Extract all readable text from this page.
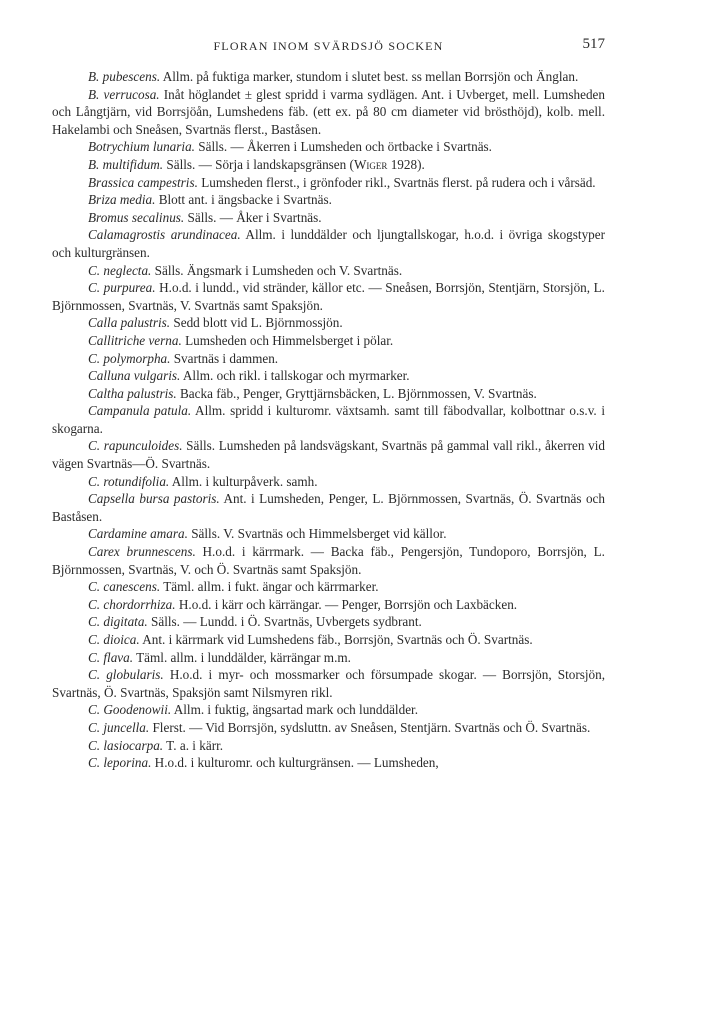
FLORAN INOM SVÄRDSJÖ SOCKEN	517

B. pubescens. Allm. på fuktiga marker, stundom i slutet best. ss mellan Borrsjön och Änglan.

B. verrucosa. Inåt höglandet ± glest spridd i varma sydlägen. Ant. i Uvberget, mell. Lumsheden och Långtjärn, vid Borrsjöån, Lumshedens fäb. (ett ex. på 80 cm diameter vid brösthöjd), kolb. mell. Hakelambi och Sneåsen, Svartnäs flerst., Baståsen.

Botrychium lunaria. Sälls. — Åkerren i Lumsheden och örtbacke i Svartnäs.

B. multifidum. Sälls. — Sörja i landskapsgränsen (Wiger 1928).

Brassica campestris. Lumsheden flerst., i grönfoder rikl., Svartnäs flerst. på rudera och i vårsäd.

Briza media. Blott ant. i ängsbacke i Svartnäs.

Bromus secalinus. Sälls. — Åker i Svartnäs.

Calamagrostis arundinacea. Allm. i lunddälder och ljungtallskogar, h.o.d. i övriga skogstyper och kulturgränsen.

C. neglecta. Sälls. Ängsmark i Lumsheden och V. Svartnäs.

C. purpurea. H.o.d. i lundd., vid stränder, källor etc. — Sneåsen, Borrsjön, Stentjärn, Storsjön, L. Björnmossen, Svartnäs, V. Svartnäs samt Spaksjön.

Calla palustris. Sedd blott vid L. Björnmossjön.

Callitriche verna. Lumsheden och Himmelsberget i pölar.

C. polymorpha. Svartnäs i dammen.

Calluna vulgaris. Allm. och rikl. i tallskogar och myrmarker.

Caltha palustris. Backa fäb., Penger, Gryttjärnsbäcken, L. Björnmossen, V. Svartnäs.

Campanula patula. Allm. spridd i kulturomr. växtsamh. samt till fäbodvallar, kolbottnar o.s.v. i skogarna.

C. rapunculoides. Sälls. Lumsheden på landsvägskant, Svartnäs på gammal vall rikl., åkerren vid vägen Svartnäs—Ö. Svartnäs.

C. rotundifolia. Allm. i kulturpåverk. samh.

Capsella bursa pastoris. Ant. i Lumsheden, Penger, L. Björnmossen, Svartnäs, Ö. Svartnäs och Baståsen.

Cardamine amara. Sälls. V. Svartnäs och Himmelsberget vid källor.

Carex brunnescens. H.o.d. i kärrmark. — Backa fäb., Pengersjön, Tundoporo, Borrsjön, L. Björnmossen, Svartnäs, V. och Ö. Svartnäs samt Spaksjön.

C. canescens. Täml. allm. i fukt. ängar och kärrmarker.

C. chordorrhiza. H.o.d. i kärr och kärrängar. — Penger, Borrsjön och Laxbäcken.

C. digitata. Sälls. — Lundd. i Ö. Svartnäs, Uvbergets sydbrant.

C. dioica. Ant. i kärrmark vid Lumshedens fäb., Borrsjön, Svartnäs och Ö. Svartnäs.

C. flava. Täml. allm. i lunddälder, kärrängar m.m.

C. globularis. H.o.d. i myr- och mossmarker och försumpade skogar. — Borrsjön, Storsjön, Svartnäs, Ö. Svartnäs, Spaksjön samt Nilsmyren rikl.

C. Goodenowii. Allm. i fuktig, ängsartad mark och lunddälder.

C. juncella. Flerst. — Vid Borrsjön, sydsluttn. av Sneåsen, Stentjärn. Svartnäs och Ö. Svartnäs.

C. lasiocarpa. T. a. i kärr.

C. leporina. H.o.d. i kulturomr. och kulturgränsen. — Lumsheden,
